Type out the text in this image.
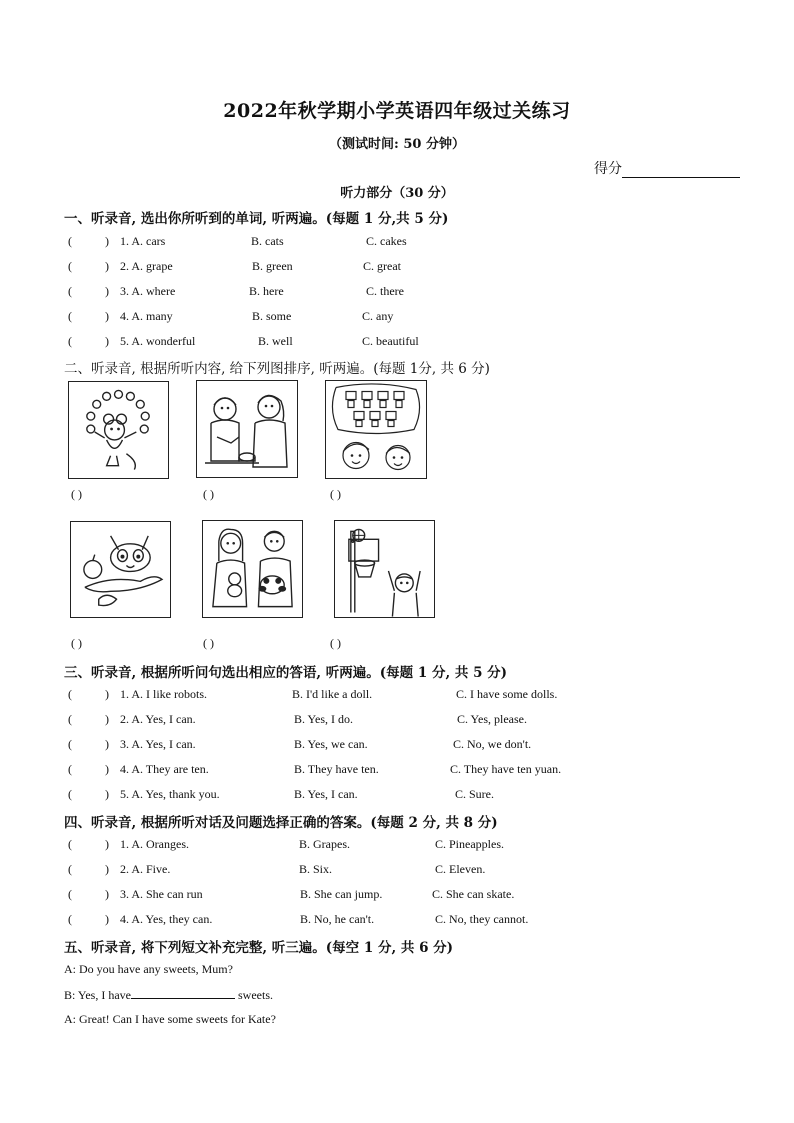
2022年秋学期小学英语四年级过关练习
（测试时间: 50 分钟）
得分
听力部分（30 分）
一、听录音, 选出你所听到的单词, 听两遍。(每题 1 分,共 5 分)
(	) 1. A. cars	B. cats	C. cakes
(	) 2. A. grape	B. green	C. great
(	) 3. A. where	B. here	C. there
(	) 4. A. many	B. some	C. any
(	) 5. A. wonderful	B. well	C. beautiful
二、听录音, 根据所听内容, 给下列图排序, 听两遍。(每题 1分, 共 6 分)
( )	( )	( )
( )	( )	( )
三、听录音, 根据所听问句选出相应的答语, 听两遍。(每题 1 分, 共 5 分)
(	) 1. A. I like robots.	B. I'd like a doll.	C. I have some dolls.
(	) 2. A. Yes, I can.	B. Yes, I do.	C. Yes, please.
(	) 3. A. Yes, I can.	B. Yes, we can.	C. No, we don't.
(	) 4. A. They are ten.	B. They have ten.	C. They have ten yuan.
(	) 5. A. Yes, thank you.	B. Yes, I can.	C. Sure.
四、听录音, 根据所听对话及问题选择正确的答案。(每题 2 分, 共 8 分)
(	) 1. A. Oranges.	B. Grapes.	C. Pineapples.
(	) 2. A. Five.	B. Six.	C. Eleven.
(	) 3. A. She can run	B. She can jump.	C. She can skate.
(	) 4. A. Yes, they can.	B. No, he can't.	C. No, they cannot.
五、听录音, 将下列短文补充完整, 听三遍。(每空 1 分, 共 6 分)
A: Do you have any sweets, Mum?
B: Yes, I have	sweets.
A: Great! Can I have some sweets for Kate?
